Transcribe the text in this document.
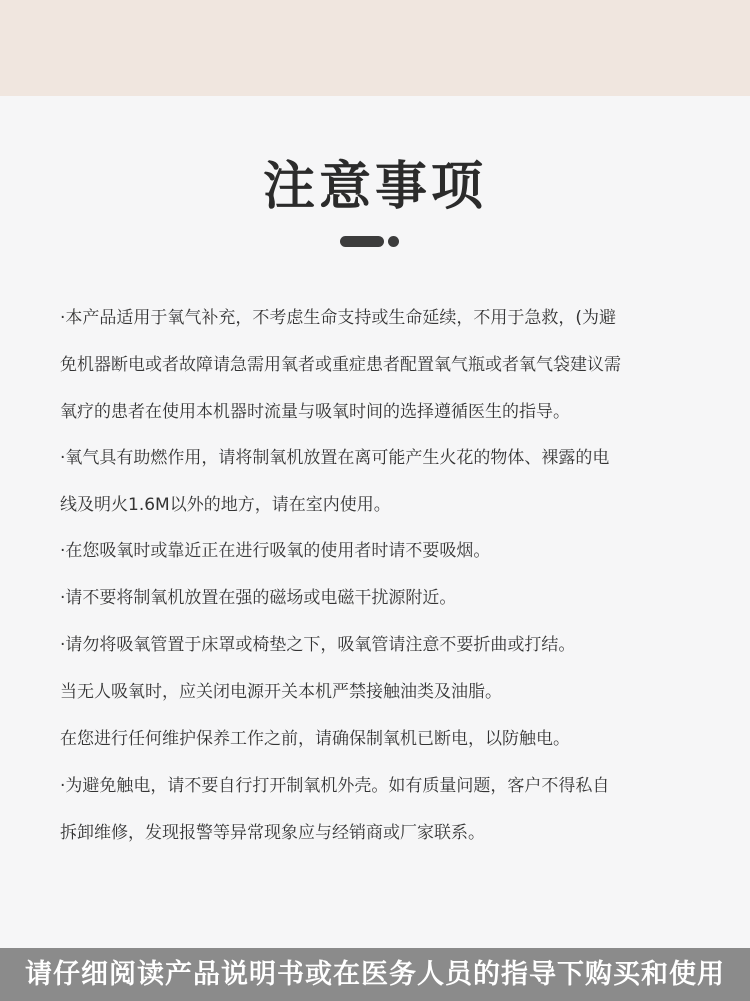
注意事项
·本产品适用于氧气补充，不考虑生命支持或生命延续，不用于急救，(为避
免机器断电或者故障请急需用氧者或重症患者配置氧气瓶或者氧气袋建议需
氧疗的患者在使用本机器时流量与吸氧时间的选择遵循医生的指导。
·氧气具有助燃作用，请将制氧机放置在离可能产生火花的物体、裸露的电
线及明火1.6M以外的地方，请在室内使用。
·在您吸氧时或靠近正在进行吸氧的使用者时请不要吸烟。
·请不要将制氧机放置在强的磁场或电磁干扰源附近。
·请勿将吸氧管置于床罩或椅垫之下，吸氧管请注意不要折曲或打结。
当无人吸氧时，应关闭电源开关本机严禁接触油类及油脂。
在您进行任何维护保养工作之前，请确保制氧机已断电，以防触电。
·为避免触电，请不要自行打开制氧机外壳。如有质量问题，客户不得私自
拆卸维修，发现报警等异常现象应与经销商或厂家联系。
请仔细阅读产品说明书或在医务人员的指导下购买和使用
